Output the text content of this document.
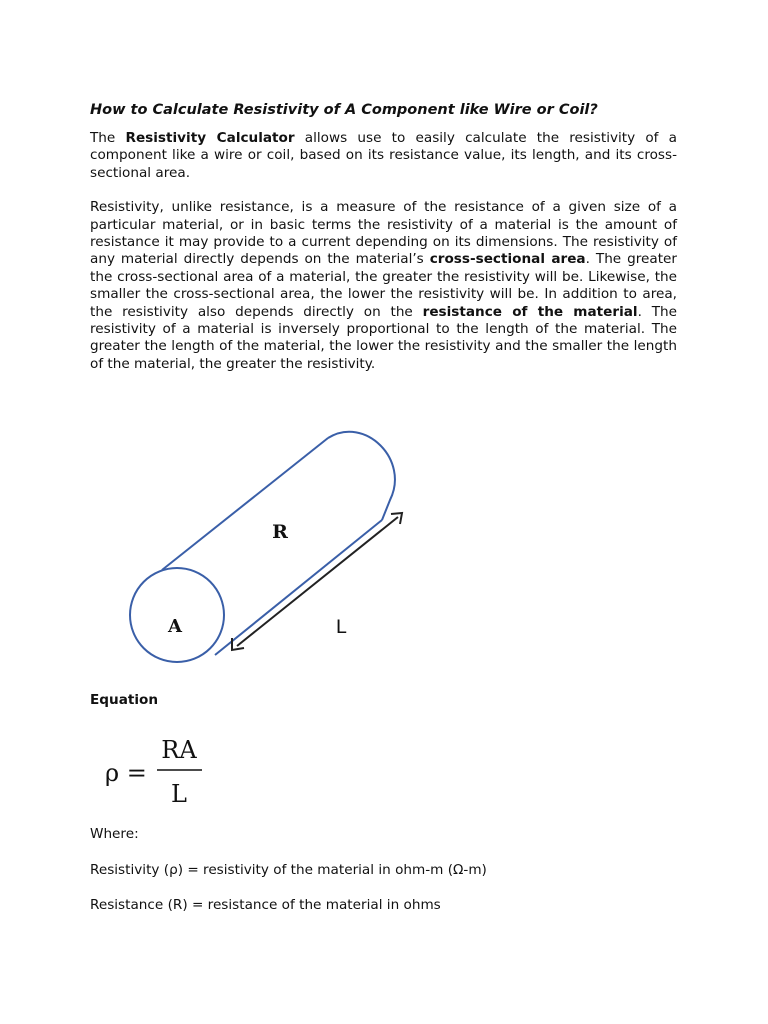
How to Calculate Resistivity of A Component like Wire or Coil?

The Resistivity Calculator allows use to easily calculate the resistivity of a component like a wire or coil, based on its resistance value, its length, and its cross-sectional area.

Resistivity, unlike resistance, is a measure of the resistance of a given size of a particular material, or in basic terms the resistivity of a material is the amount of resistance it may provide to a current depending on its dimensions. The resistivity of any material directly depends on the material’s cross-sectional area. The greater the cross-sectional area of a material, the greater the resistivity will be. Likewise, the smaller the cross-sectional area, the lower the resistivity will be. In addition to area, the resistivity also depends directly on the resistance of the material. The resistivity of a material is inversely proportional to the length of the material. The greater the length of the material, the lower the resistivity and the smaller the length of the material, the greater the resistivity.

R
A	L
Equation
ρ =
RA
L
Where:
Resistivity (ρ) = resistivity of the material in ohm-m (Ω-m)
Resistance (R) = resistance of the material in ohms
